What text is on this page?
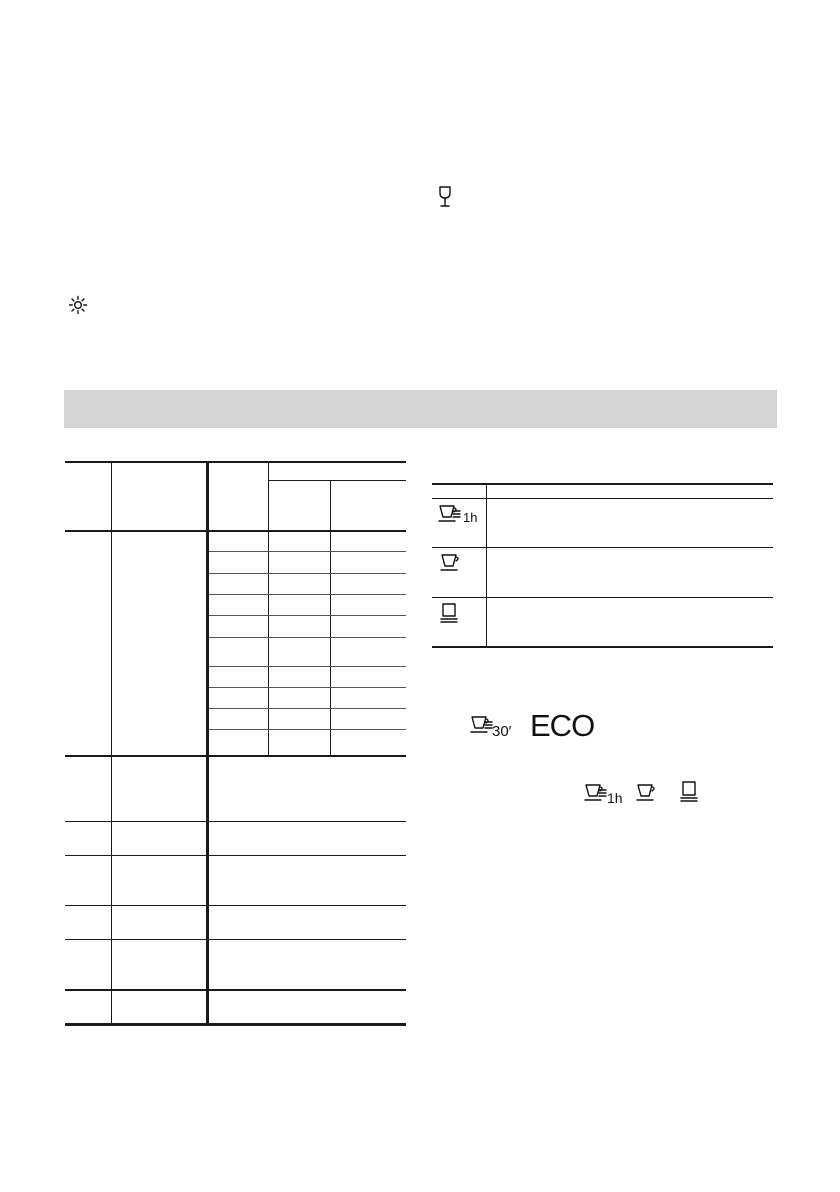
1h
30′ ECO
1h
